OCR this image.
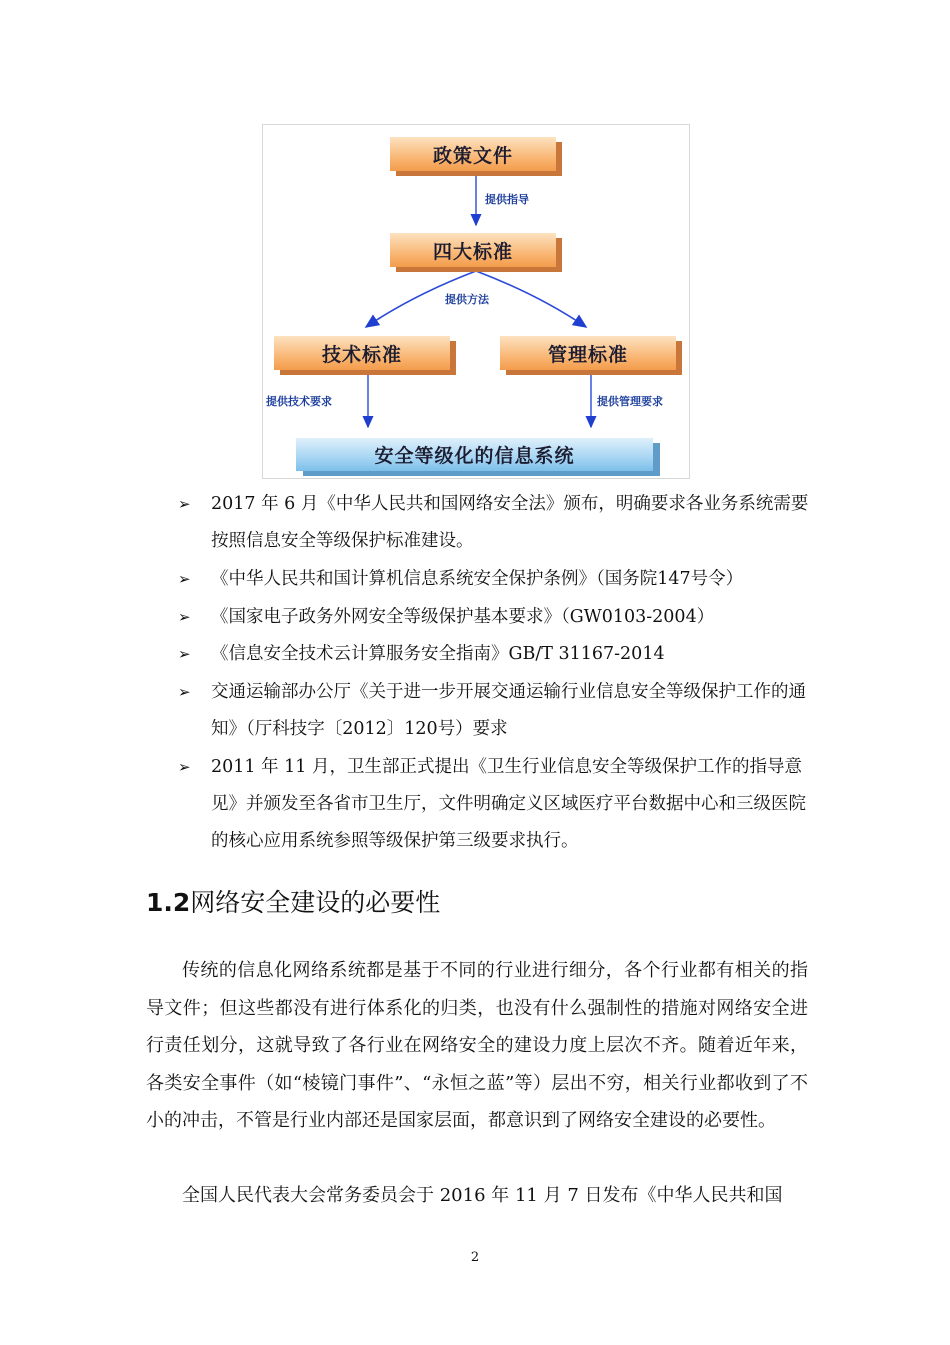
政策文件
提供指导
四大标准
提供方法
技术标准	管理标准
提供技术要求	提供管理要求
安全等级化的信息系统
➢ 2017 年 6 月《中华人民共和国网络安全法》颁布，明确要求各业务系统需要按照信息安全等级保护标准建设。
➢ 《中华人民共和国计算机信息系统安全保护条例》（国务院147号令）
➢ 《国家电子政务外网安全等级保护基本要求》（GW0103-2004）
➢ 《信息安全技术云计算服务安全指南》GB/T 31167-2014
➢ 交通运输部办公厅《关于进一步开展交通运输行业信息安全等级保护工作的通知》（厅科技字〔2012〕120号）要求
➢ 2011 年 11 月，卫生部正式提出《卫生行业信息安全等级保护工作的指导意见》并颁发至各省市卫生厅，文件明确定义区域医疗平台数据中心和三级医院的核心应用系统参照等级保护第三级要求执行。
1.2网络安全建设的必要性

传统的信息化网络系统都是基于不同的行业进行细分，各个行业都有相关的指导文件；但这些都没有进行体系化的归类，也没有什么强制性的措施对网络安全进行责任划分，这就导致了各行业在网络安全的建设力度上层次不齐。随着近年来，各类安全事件（如“棱镜门事件”、“永恒之蓝”等）层出不穷，相关行业都收到了不小的冲击，不管是行业内部还是国家层面，都意识到了网络安全建设的必要性。

全国人民代表大会常务委员会于 2016 年 11 月 7 日发布《中华人民共和国

2
